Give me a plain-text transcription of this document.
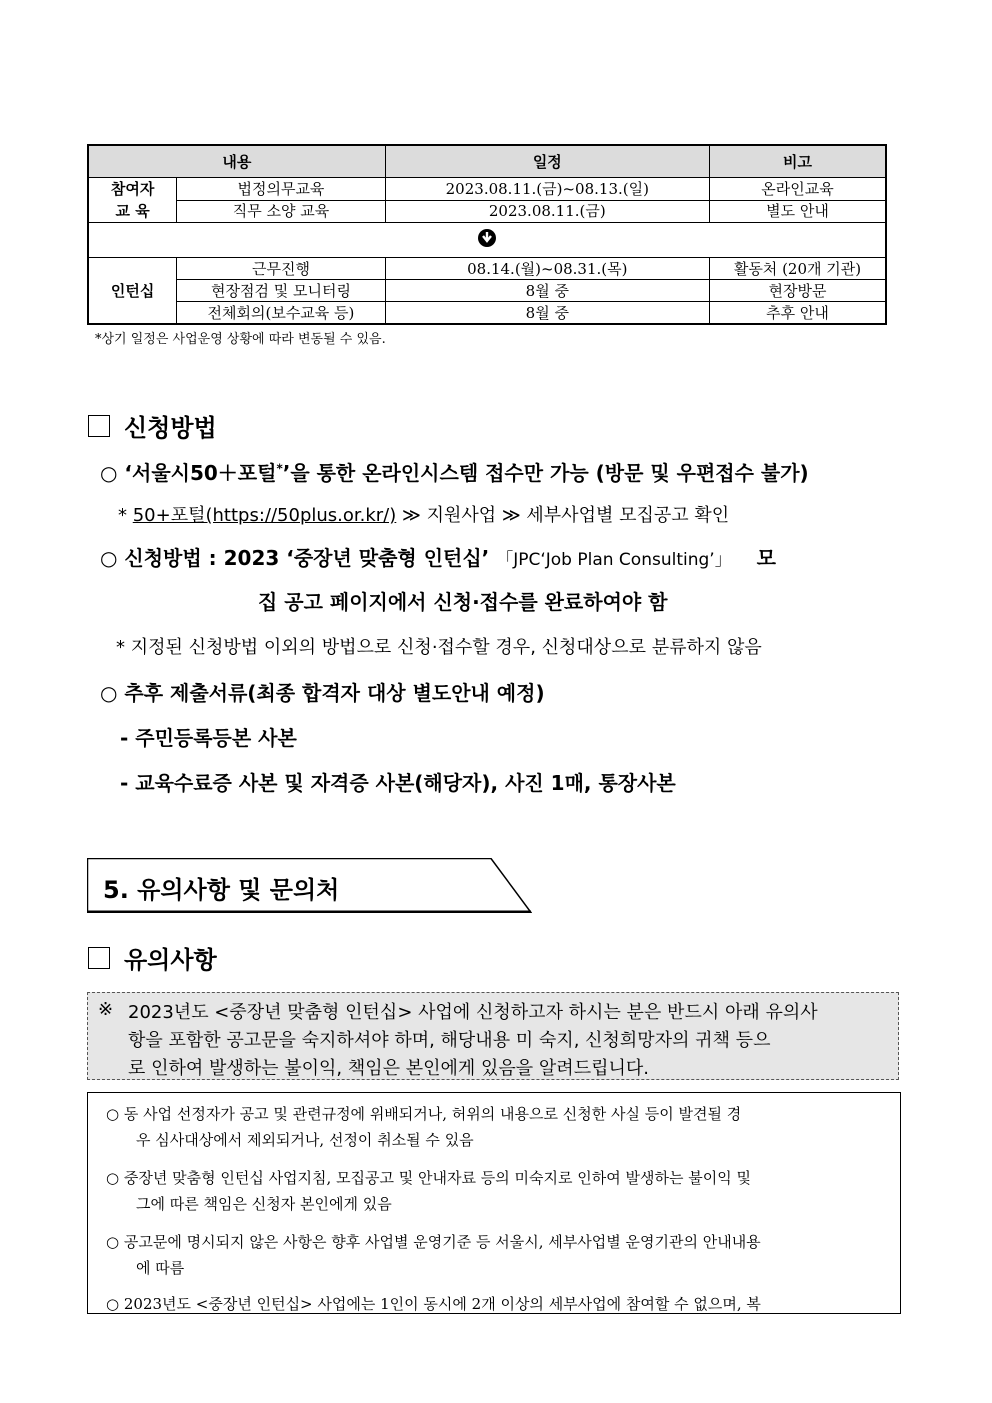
내용		일정	비고
참여자
교 육	법정의무교육	2023.08.11.(금)~08.13.(일)	온라인교육
	직무 소양 교육	2023.08.11.(금)	별도 안내

인턴십	근무진행	08.14.(월)~08.31.(목)	활동처 (20개 기관)
	현장점검 및 모니터링	8월 중	현장방문
	전체회의(보수교육 등)	8월 중	추후 안내
*상기 일정은 사업운영 상황에 따라 변동될 수 있음.
신청방법
○ ‘서울시50＋포털*’을 통한 온라인시스템 접수만 가능 (방문 및 우편접수 불가)
* 50+포털(https://50plus.or.kr/) ≫ 지원사업 ≫ 세부사업별 모집공고 확인
○ 신청방법 : 2023 ‘중장년 맞춤형 인턴십’ 「JPC‘Job Plan Consulting’」 모
집 공고 페이지에서 신청·접수를 완료하여야 함
* 지정된 신청방법 이외의 방법으로 신청·접수할 경우, 신청대상으로 분류하지 않음
○ 추후 제출서류(최종 합격자 대상 별도안내 예정)
- 주민등록등본 사본
- 교육수료증 사본 및 자격증 사본(해당자), 사진 1매, 통장사본
5. 유의사항 및 문의처
유의사항
※ 2023년도 <중장년 맞춤형 인턴십> 사업에 신청하고자 하시는 분은 반드시 아래 유의사
항을 포함한 공고문을 숙지하셔야 하며, 해당내용 미 숙지, 신청희망자의 귀책 등으
로 인하여 발생하는 불이익, 책임은 본인에게 있음을 알려드립니다.
○ 동 사업 선정자가 공고 및 관련규정에 위배되거나, 허위의 내용으로 신청한 사실 등이 발견될 경
우 심사대상에서 제외되거나, 선정이 취소될 수 있음
○ 중장년 맞춤형 인턴십 사업지침, 모집공고 및 안내자료 등의 미숙지로 인하여 발생하는 불이익 및
그에 따른 책임은 신청자 본인에게 있음
○ 공고문에 명시되지 않은 사항은 향후 사업별 운영기준 등 서울시, 세부사업별 운영기관의 안내내용
에 따름
○ 2023년도 <중장년 인턴십> 사업에는 1인이 동시에 2개 이상의 세부사업에 참여할 수 없으며, 복
